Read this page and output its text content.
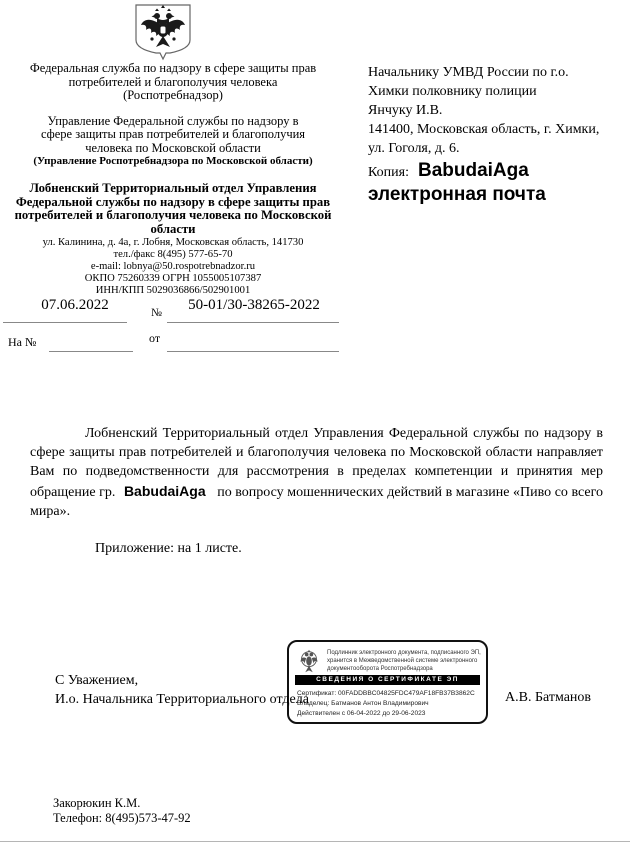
Федеральная служба по надзору в сфере защиты прав
потребителей и благополучия человека
(Роспотребнадзор)
Управление Федеральной службы по надзору в
сфере защиты прав потребителей и благополучия
человека по Московской области
(Управление Роспотребнадзора по Московской области)
Лобненский Территориальный отдел Управления
Федеральной службы по надзору в сфере защиты прав
потребителей и благополучия человека по Московской
области
ул. Калинина, д. 4а, г. Лобня, Московская область, 141730
тел./факс 8(495) 577-65-70
e-mail: lobnya@50.rospotrebnadzor.ru
ОКПО 75260339 ОГРН 1055005107387
ИНН/КПП 5029036866/502901001
Начальнику УМВД России по г.о.
Химки полковнику полиции
Янчуку И.В.
141400, Московская область, г. Химки,
ул. Гоголя, д. 6.
Копия: BabudaiAga
электронная почта
07.06.2022	50-01/30-38265-2022
№
На №	от
Лобненский Территориальный отдел Управления Федеральной службы по надзору в сфере защиты прав потребителей и благополучия человека по Московской области направляет Вам по подведомственности для рассмотрения в пределах компетенции и принятия мер обращение гр. BabudaiAga по вопросу мошеннических действий в магазине «Пиво со всего мира».
Приложение: на 1 листе.
С Уважением,
И.о. Начальника Территориального отдела	А.В. Батманов
Подлинник электронного документа, подписанного ЭП,
хранится в Межведомственной системе электронного
документооборота Роспотребнадзора
СВЕДЕНИЯ О СЕРТИФИКАТЕ ЭП
Сертификат: 00FADDBBC04825FDC479AF18FB37B3862C
Владелец: Батманов Антон Владимирович
Действителен с 06-04-2022 до 29-06-2023
Закорюкин К.М.
Телефон: 8(495)573-47-92
